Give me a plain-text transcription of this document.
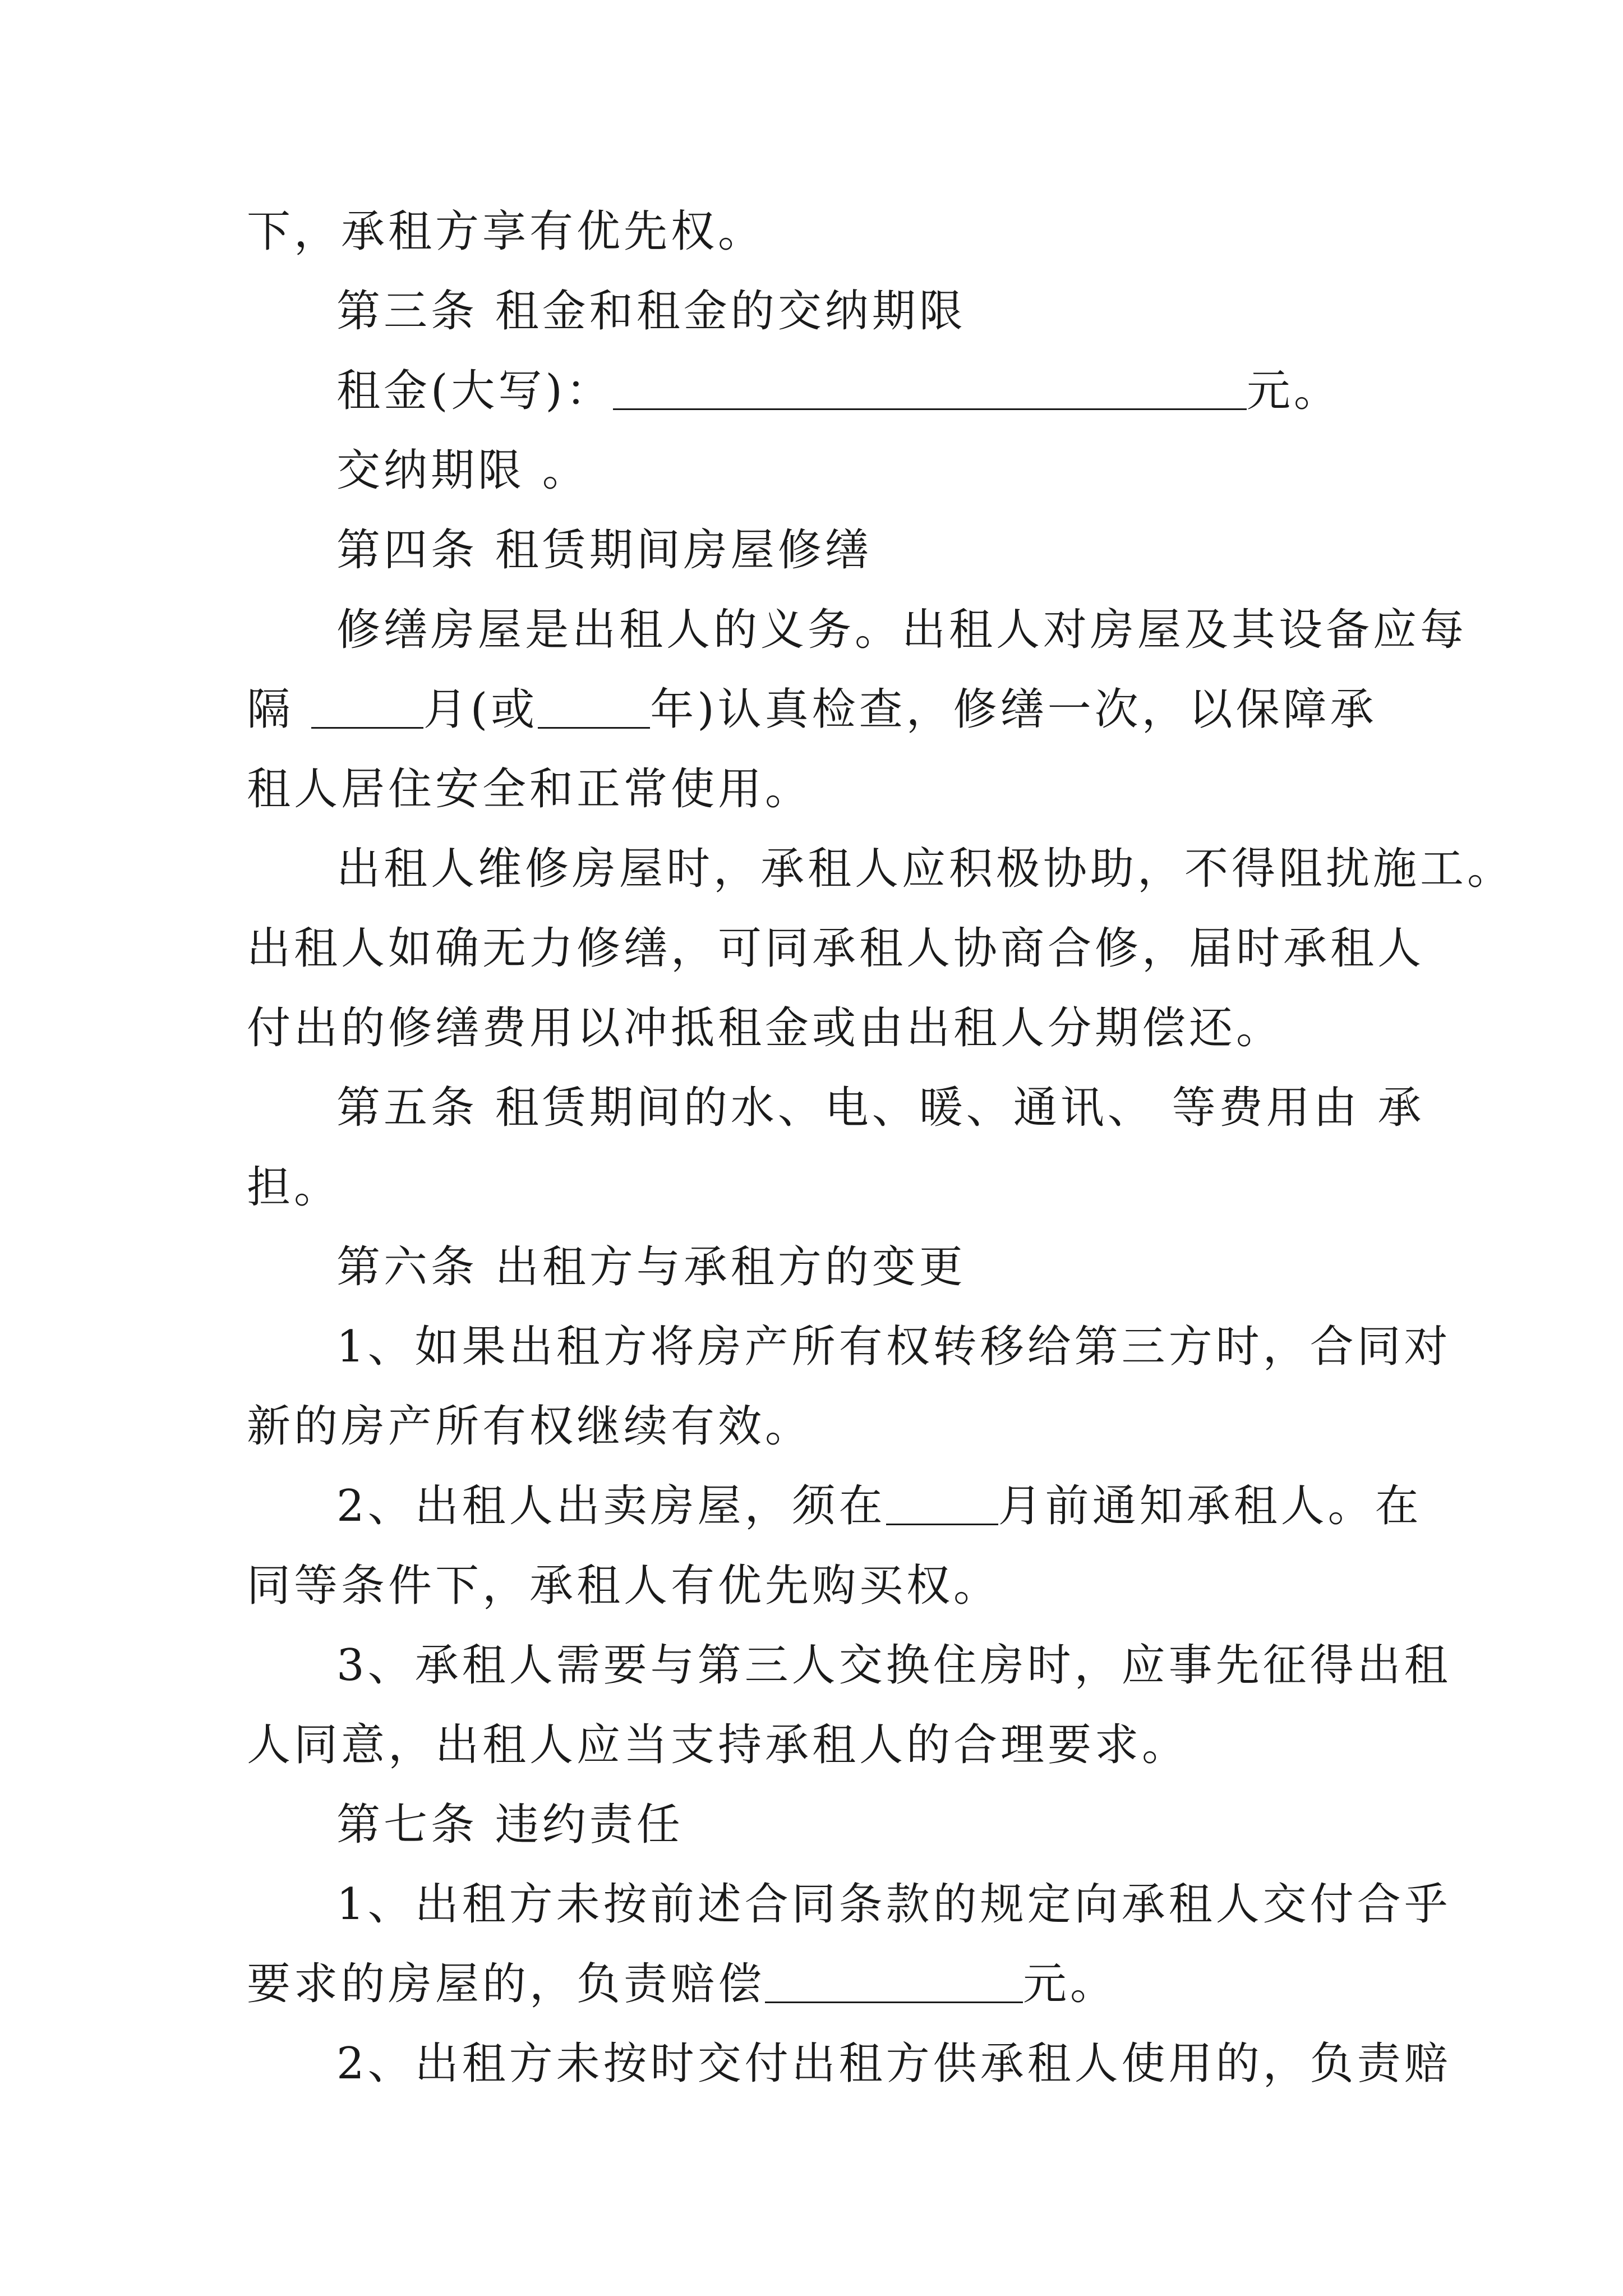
下，承租方享有优先权。
第三条 租金和租金的交纳期限
租金(大写)：	元。
交纳期限 。
第四条 租赁期间房屋修缮
修缮房屋是出租人的义务。出租人对房屋及其设备应每
隔	月(或	年)认真检查，修缮一次，以保障承
租人居住安全和正常使用。
出租人维修房屋时，承租人应积极协助，不得阻扰施工。
出租人如确无力修缮，可同承租人协商合修，届时承租人
付出的修缮费用以冲抵租金或由出租人分期偿还。
第五条 租赁期间的水、电、暖、通讯、 等费用由 承
担。
第六条 出租方与承租方的变更
1、如果出租方将房产所有权转移给第三方时，合同对
新的房产所有权继续有效。
2、出租人出卖房屋，须在	月前通知承租人。在
同等条件下，承租人有优先购买权。
3、承租人需要与第三人交换住房时，应事先征得出租
人同意，出租人应当支持承租人的合理要求。
第七条 违约责任
1、出租方未按前述合同条款的规定向承租人交付合乎
要求的房屋的，负责赔偿	元。
2、出租方未按时交付出租方供承租人使用的，负责赔
